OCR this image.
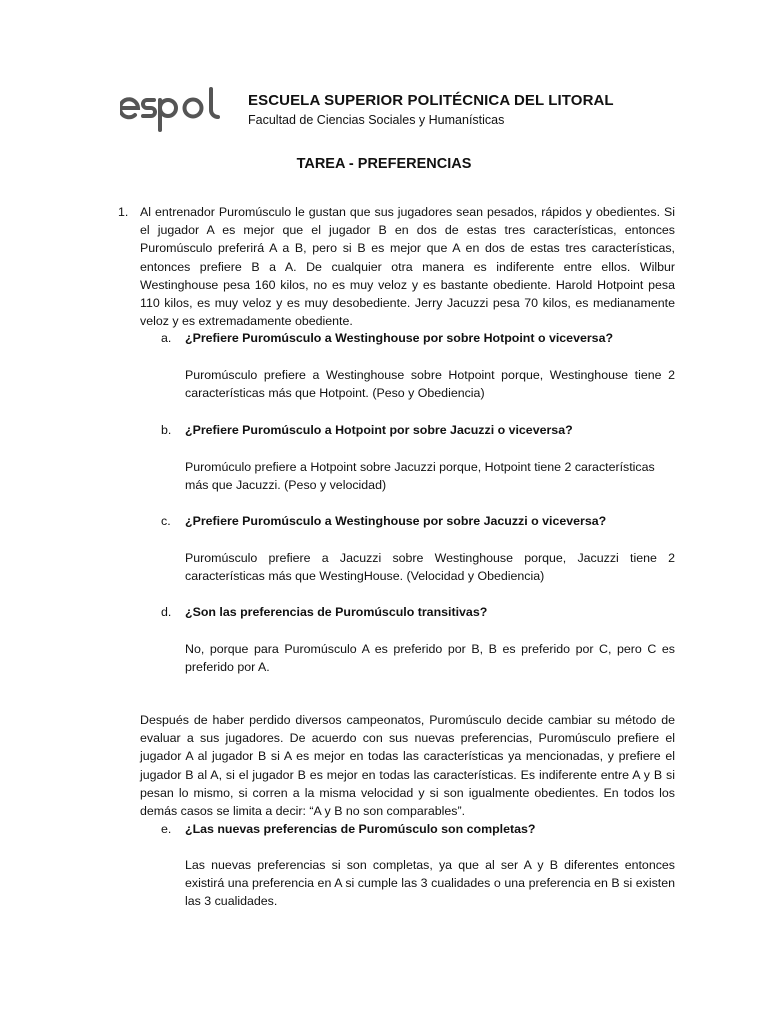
ESCUELA SUPERIOR POLITÉCNICA DEL LITORAL
Facultad de Ciencias Sociales y Humanísticas
TAREA - PREFERENCIAS
1. Al entrenador Puromúsculo le gustan que sus jugadores sean pesados, rápidos y obedientes. Si el jugador A es mejor que el jugador B en dos de estas tres características, entonces Puromúsculo preferirá A a B, pero si B es mejor que A en dos de estas tres características, entonces prefiere B a A. De cualquier otra manera es indiferente entre ellos. Wilbur Westinghouse pesa 160 kilos, no es muy veloz y es bastante obediente. Harold Hotpoint pesa 110 kilos, es muy veloz y es muy desobediente. Jerry Jacuzzi pesa 70 kilos, es medianamente veloz y es extremadamente obediente.
a. ¿Prefiere Puromúsculo a Westinghouse por sobre Hotpoint o viceversa?
Puromúsculo prefiere a Westinghouse sobre Hotpoint porque, Westinghouse tiene 2 características más que Hotpoint. (Peso y Obediencia)
b. ¿Prefiere Puromúsculo a Hotpoint por sobre Jacuzzi o viceversa?
Puromúculo prefiere a Hotpoint sobre Jacuzzi porque, Hotpoint tiene 2 características más que Jacuzzi. (Peso y velocidad)
c. ¿Prefiere Puromúsculo a Westinghouse por sobre Jacuzzi o viceversa?
Puromúsculo prefiere a Jacuzzi sobre Westinghouse porque, Jacuzzi tiene 2 características más que WestingHouse. (Velocidad y Obediencia)
d. ¿Son las preferencias de Puromúsculo transitivas?
No, porque para Puromúsculo A es preferido por B, B es preferido por C, pero C es preferido por A.
Después de haber perdido diversos campeonatos, Puromúsculo decide cambiar su método de evaluar a sus jugadores. De acuerdo con sus nuevas preferencias, Puromúsculo prefiere el jugador A al jugador B si A es mejor en todas las características ya mencionadas, y prefiere el jugador B al A, si el jugador B es mejor en todas las características. Es indiferente entre A y B si pesan lo mismo, si corren a la misma velocidad y si son igualmente obedientes. En todos los demás casos se limita a decir: “A y B no son comparables”.
e. ¿Las nuevas preferencias de Puromúsculo son completas?
Las nuevas preferencias si son completas, ya que al ser A y B diferentes entonces existirá una preferencia en A si cumple las 3 cualidades o una preferencia en B si existen las 3 cualidades.
